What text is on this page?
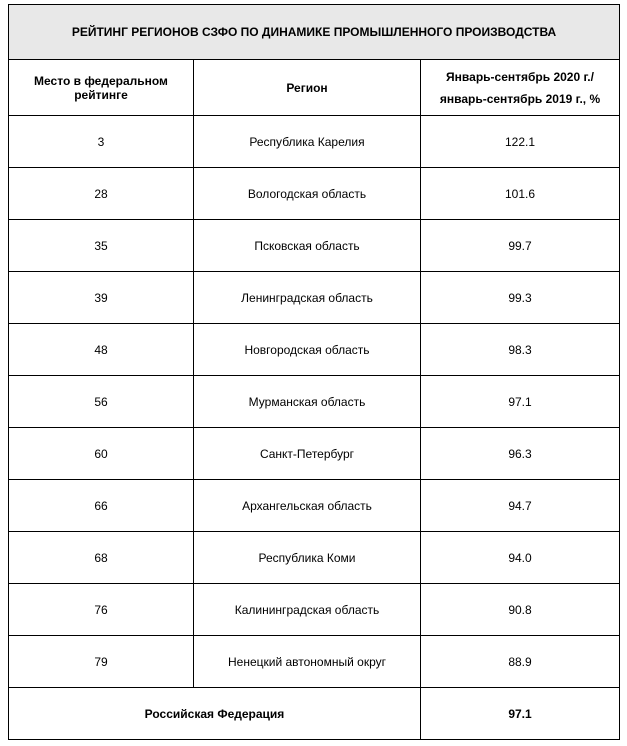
РЕЙТИНГ РЕГИОНОВ СЗФО ПО ДИНАМИКЕ ПРОМЫШЛЕННОГО ПРОИЗВОДСТВА		
Место в федеральном рейтинге	Регион	Январь-сентябрь 2020 г./
январь-сентябрь 2019 г., %
3	Республика Карелия	122.1
28	Вологодская область	101.6
35	Псковская область	99.7
39	Ленинградская область	99.3
48	Новгородская область	98.3
56	Мурманская область	97.1
60	Санкт-Петербург	96.3
66	Архангельская область	94.7
68	Республика Коми	94.0
76	Калининградская область	90.8
79	Ненецкий автономный округ	88.9
Российская Федерация		97.1
